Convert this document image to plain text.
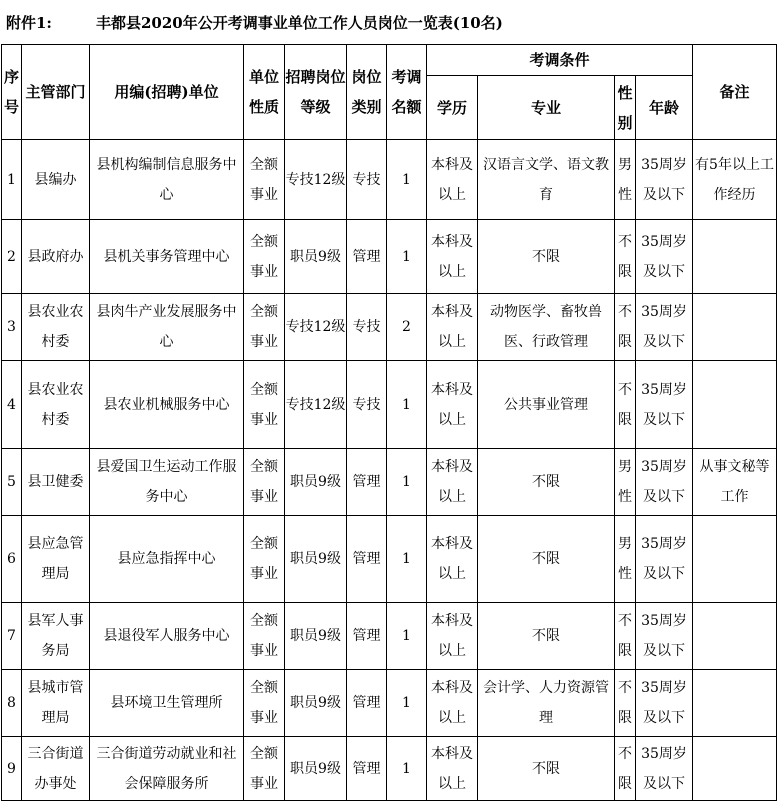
附件1:	丰都县2020年公开考调事业单位工作人员岗位一览表(10名)
序号	主管部门	用编(招聘)单位	单位性质	招聘岗位等级	岗位类别	考调名额	考调条件				备注
							学历	专业	性别	年龄	
1	县编办	县机构编制信息服务中心	全额事业	专技12级	专技	1	本科及以上	汉语言文学、语文教育	男性	35周岁及以下	有5年以上工作经历
2	县政府办	县机关事务管理中心	全额事业	职员9级	管理	1	本科及以上	不限	不限	35周岁及以下	
3	县农业农村委	县肉牛产业发展服务中心	全额事业	专技12级	专技	2	本科及以上	动物医学、畜牧兽医、行政管理	不限	35周岁及以下	
4	县农业农村委	县农业机械服务中心	全额事业	专技12级	专技	1	本科及以上	公共事业管理	不限	35周岁及以下	
5	县卫健委	县爱国卫生运动工作服务中心	全额事业	职员9级	管理	1	本科及以上	不限	男性	35周岁及以下	从事文秘等工作
6	县应急管理局	县应急指挥中心	全额事业	职员9级	管理	1	本科及以上	不限	男性	35周岁及以下	
7	县军人事务局	县退役军人服务中心	全额事业	职员9级	管理	1	本科及以上	不限	不限	35周岁及以下	
8	县城市管理局	县环境卫生管理所	全额事业	职员9级	管理	1	本科及以上	会计学、人力资源管理	不限	35周岁及以下	
9	三合街道办事处	三合街道劳动就业和社会保障服务所	全额事业	职员9级	管理	1	本科及以上	不限	不限	35周岁及以下	
